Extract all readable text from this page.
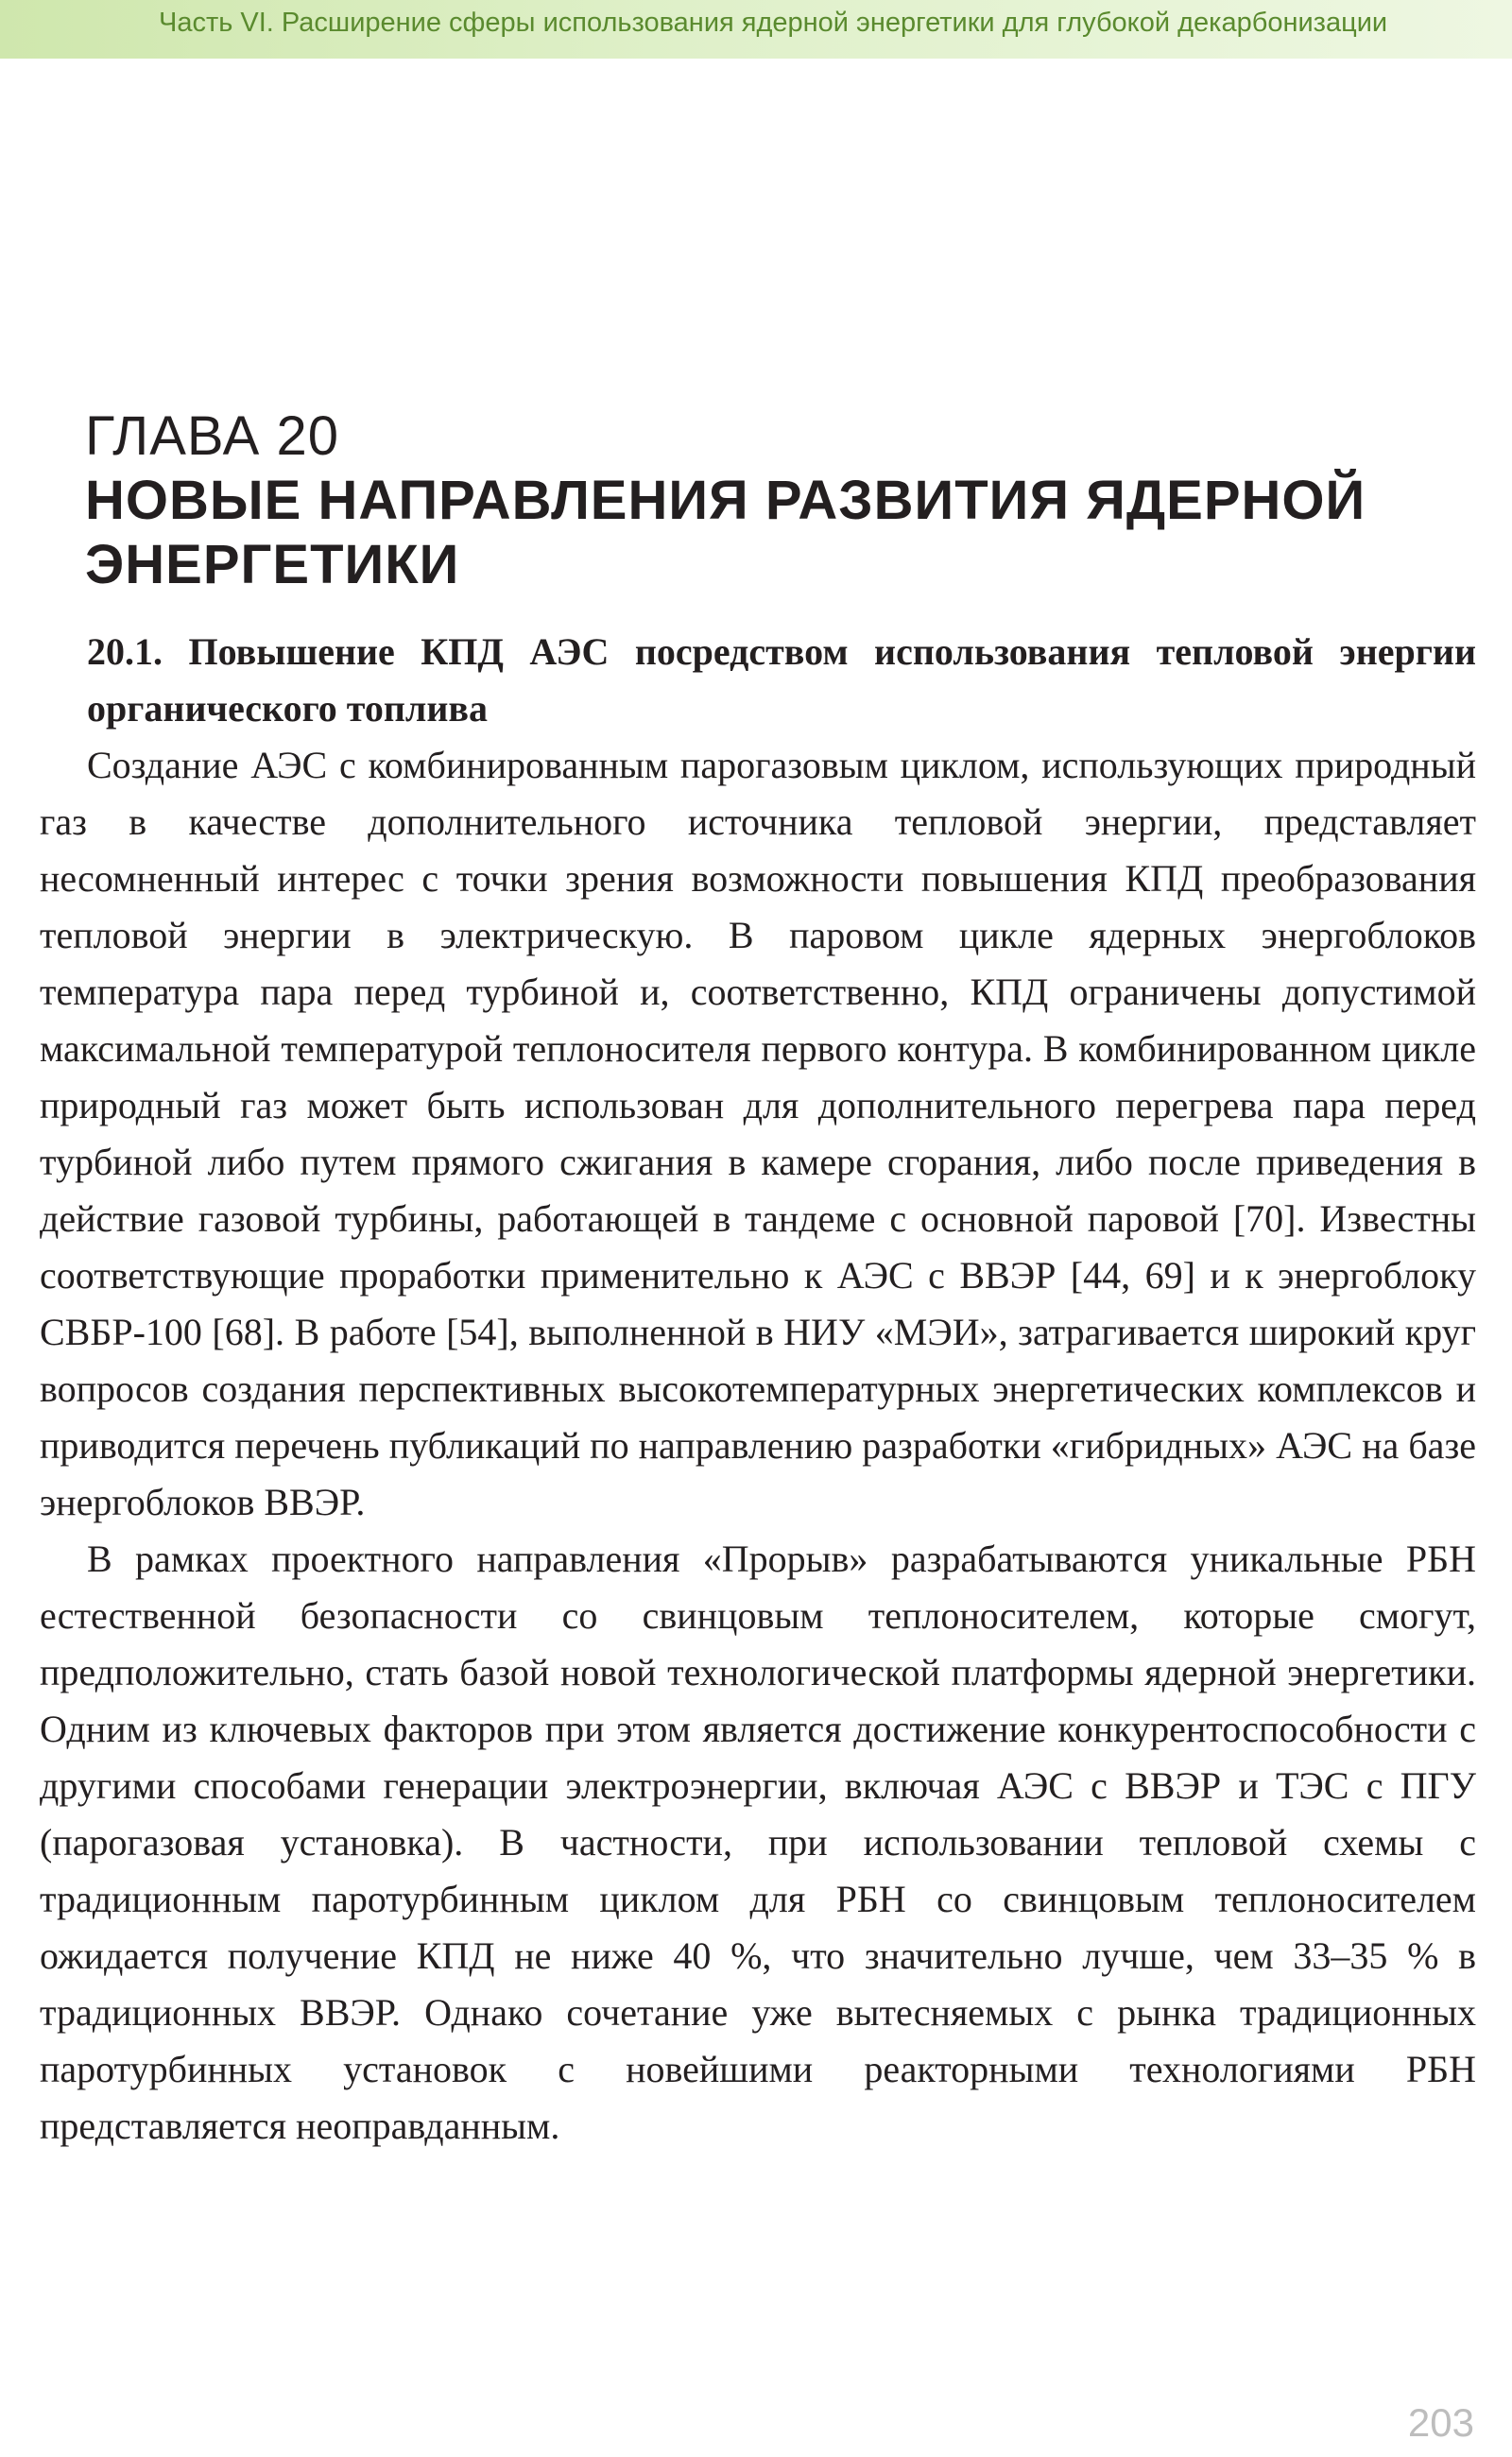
Часть VI. Расширение сферы использования ядерной энергетики для глубокой декарбонизации
ГЛАВА 20
НОВЫЕ НАПРАВЛЕНИЯ РАЗВИТИЯ ЯДЕРНОЙ ЭНЕРГЕТИКИ

20.1. Повышение КПД АЭС посредством использования тепловой энергии органического топлива

Создание АЭС с комбинированным парогазовым циклом, использующих природный газ в качестве дополнительного источника тепловой энергии, представляет несомненный интерес с точки зрения возможности повышения КПД преобразования тепловой энергии в электрическую. В паровом цикле ядерных энергоблоков температура пара перед турбиной и, соответственно, КПД ограничены допустимой максимальной температурой теплоносителя первого контура. В комбинированном цикле природный газ может быть использован для дополнительного перегрева пара перед турбиной либо путем прямого сжигания в камере сгорания, либо после приведения в действие газовой турбины, работающей в тандеме с основной паровой [70]. Известны соответствующие проработки применительно к АЭС с ВВЭР [44, 69] и к энергоблоку СВБР-100 [68]. В работе [54], выполненной в НИУ «МЭИ», затрагивается широкий круг вопросов создания перспективных высокотемпературных энергетических комплексов и приводится перечень публикаций по направлению разработки «гибридных» АЭС на базе энергоблоков ВВЭР.

В рамках проектного направления «Прорыв» разрабатываются уникальные РБН естественной безопасности со свинцовым теплоносителем, которые смогут, предположительно, стать базой новой технологической платформы ядерной энергетики. Одним из ключевых факторов при этом является достижение конкурентоспособности с другими способами генерации электроэнергии, включая АЭС с ВВЭР и ТЭС с ПГУ (парогазовая установка). В частности, при использовании тепловой схемы с традиционным паротурбинным циклом для РБН со свинцовым теплоносителем ожидается получение КПД не ниже 40 %, что значительно лучше, чем 33–35 % в традиционных ВВЭР. Однако сочетание уже вытесняемых с рынка традиционных паротурбинных установок с новейшими реакторными технологиями РБН представляется неоправданным.

203
